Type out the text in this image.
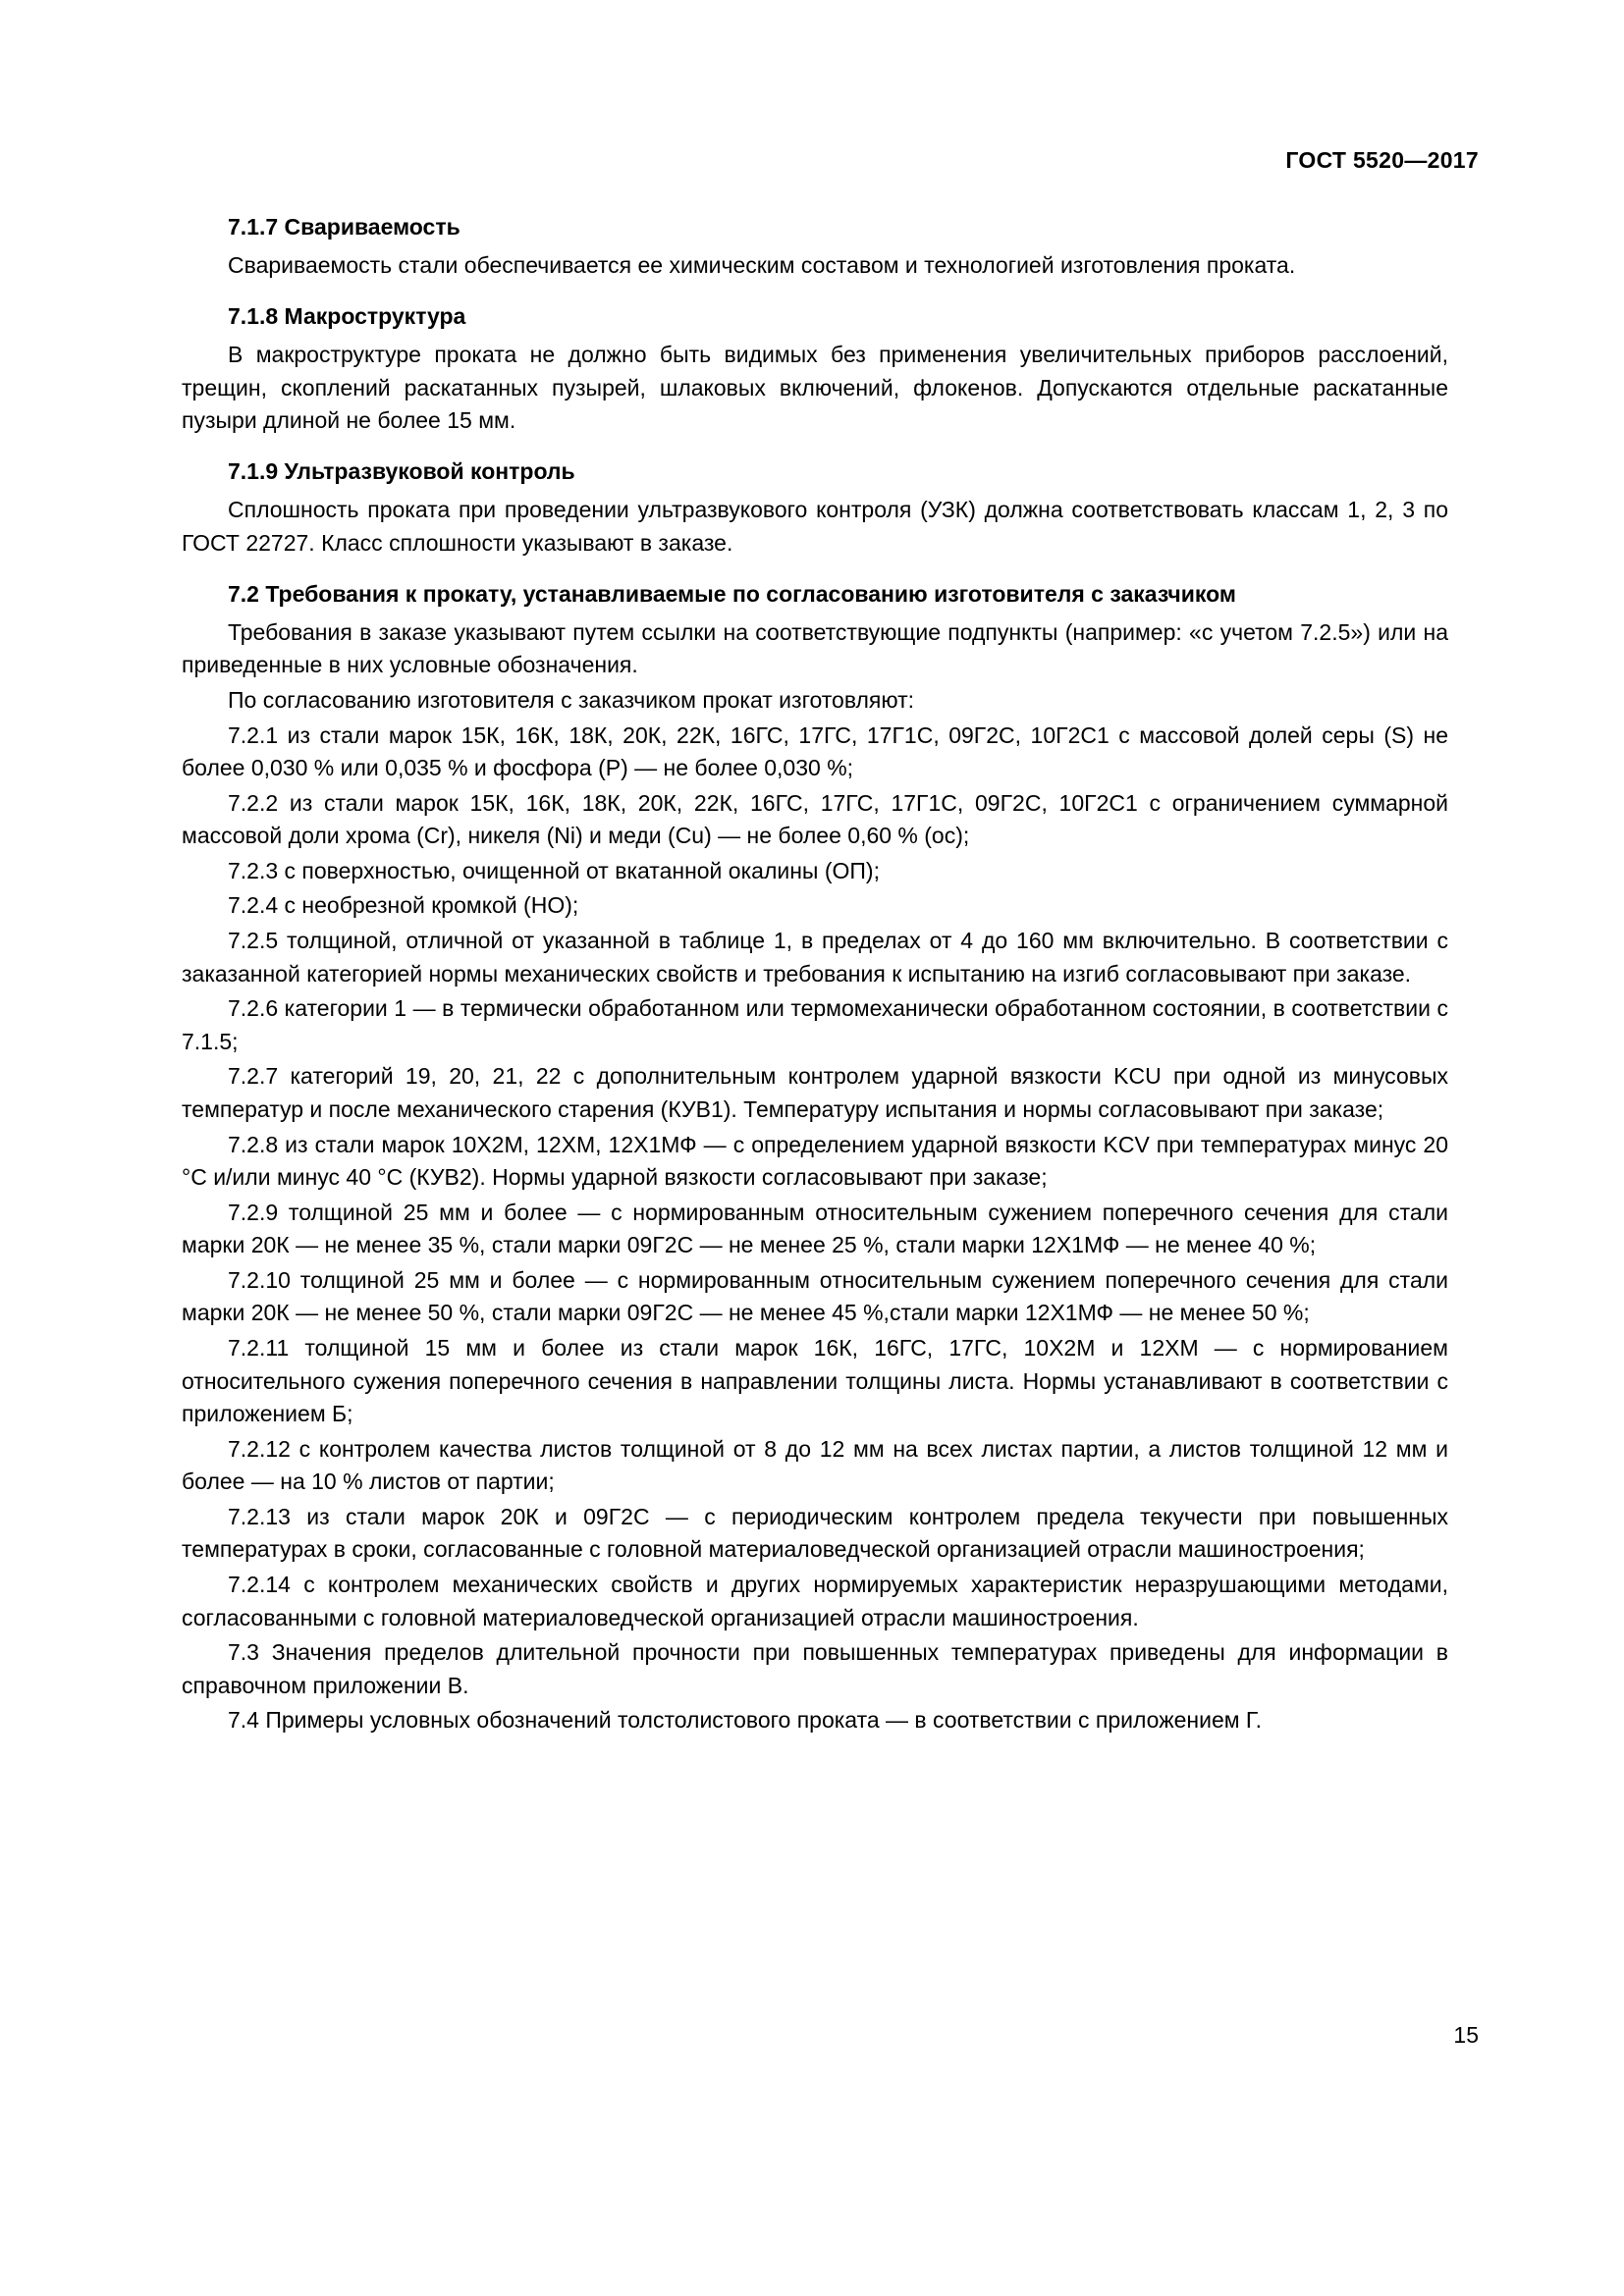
ГОСТ 5520—2017
7.1.7 Свариваемость

Свариваемость стали обеспечивается ее химическим составом и технологией изготовления проката.

7.1.8 Макроструктура

В макроструктуре проката не должно быть видимых без применения увеличительных приборов расслоений, трещин, скоплений раскатанных пузырей, шлаковых включений, флокенов. Допускаются отдельные раскатанные пузыри длиной не более 15 мм.

7.1.9 Ультразвуковой контроль

Сплошность проката при проведении ультразвукового контроля (УЗК) должна соответствовать классам 1, 2, 3 по ГОСТ 22727. Класс сплошности указывают в заказе.

7.2 Требования к прокату, устанавливаемые по согласованию изготовителя с заказчиком

Требования в заказе указывают путем ссылки на соответствующие подпункты (например: «с учетом 7.2.5») или на приведенные в них условные обозначения.

По согласованию изготовителя с заказчиком прокат изготовляют:

7.2.1 из стали марок 15К, 16К, 18К, 20К, 22К, 16ГС, 17ГС, 17Г1С, 09Г2С, 10Г2С1 с массовой долей серы (S) не более 0,030 % или 0,035 % и фосфора (Р) — не более 0,030 %;

7.2.2 из стали марок 15К, 16К, 18К, 20К, 22К, 16ГС, 17ГС, 17Г1С, 09Г2С, 10Г2С1 с ограничением суммарной массовой доли хрома (Cr), никеля (Ni) и меди (Cu) — не более 0,60 % (ос);

7.2.3 с поверхностью, очищенной от вкатанной окалины (ОП);

7.2.4 с необрезной кромкой (НО);

7.2.5 толщиной, отличной от указанной в таблице 1, в пределах от 4 до 160 мм включительно. В соответствии с заказанной категорией нормы механических свойств и требования к испытанию на изгиб согласовывают при заказе.

7.2.6 категории 1 — в термически обработанном или термомеханически обработанном состоянии, в соответствии с 7.1.5;

7.2.7 категорий 19, 20, 21, 22 с дополнительным контролем ударной вязкости KCU при одной из минусовых температур и после механического старения (КУВ1). Температуру испытания и нормы согласовывают при заказе;

7.2.8 из стали марок 10Х2М, 12ХМ, 12Х1МФ — с определением ударной вязкости KCV при температурах минус 20 °С и/или минус 40 °С (КУВ2). Нормы ударной вязкости согласовывают при заказе;

7.2.9 толщиной 25 мм и более — с нормированным относительным сужением поперечного сечения для стали марки 20К — не менее 35 %, стали марки 09Г2С — не менее 25 %, стали марки 12Х1МФ — не менее 40 %;

7.2.10 толщиной 25 мм и более — с нормированным относительным сужением поперечного сечения для стали марки 20К — не менее 50 %, стали марки 09Г2С — не менее 45 %,стали марки 12Х1МФ — не менее 50 %;

7.2.11 толщиной 15 мм и более из стали марок 16К, 16ГС, 17ГС, 10Х2М и 12ХМ — с нормированием относительного сужения поперечного сечения в направлении толщины листа. Нормы устанавливают в соответствии с приложением Б;

7.2.12 с контролем качества листов толщиной от 8 до 12 мм на всех листах партии, а листов толщиной 12 мм и более — на 10 % листов от партии;

7.2.13 из стали марок 20К и 09Г2С — с периодическим контролем предела текучести при повышенных температурах в сроки, согласованные с головной материаловедческой организацией отрасли машиностроения;

7.2.14 с контролем механических свойств и других нормируемых характеристик неразрушающими методами, согласованными с головной материаловедческой организацией отрасли машиностроения.

7.3 Значения пределов длительной прочности при повышенных температурах приведены для информации в справочном приложении В.

7.4 Примеры условных обозначений толстолистового проката — в соответствии с приложением Г.

15
